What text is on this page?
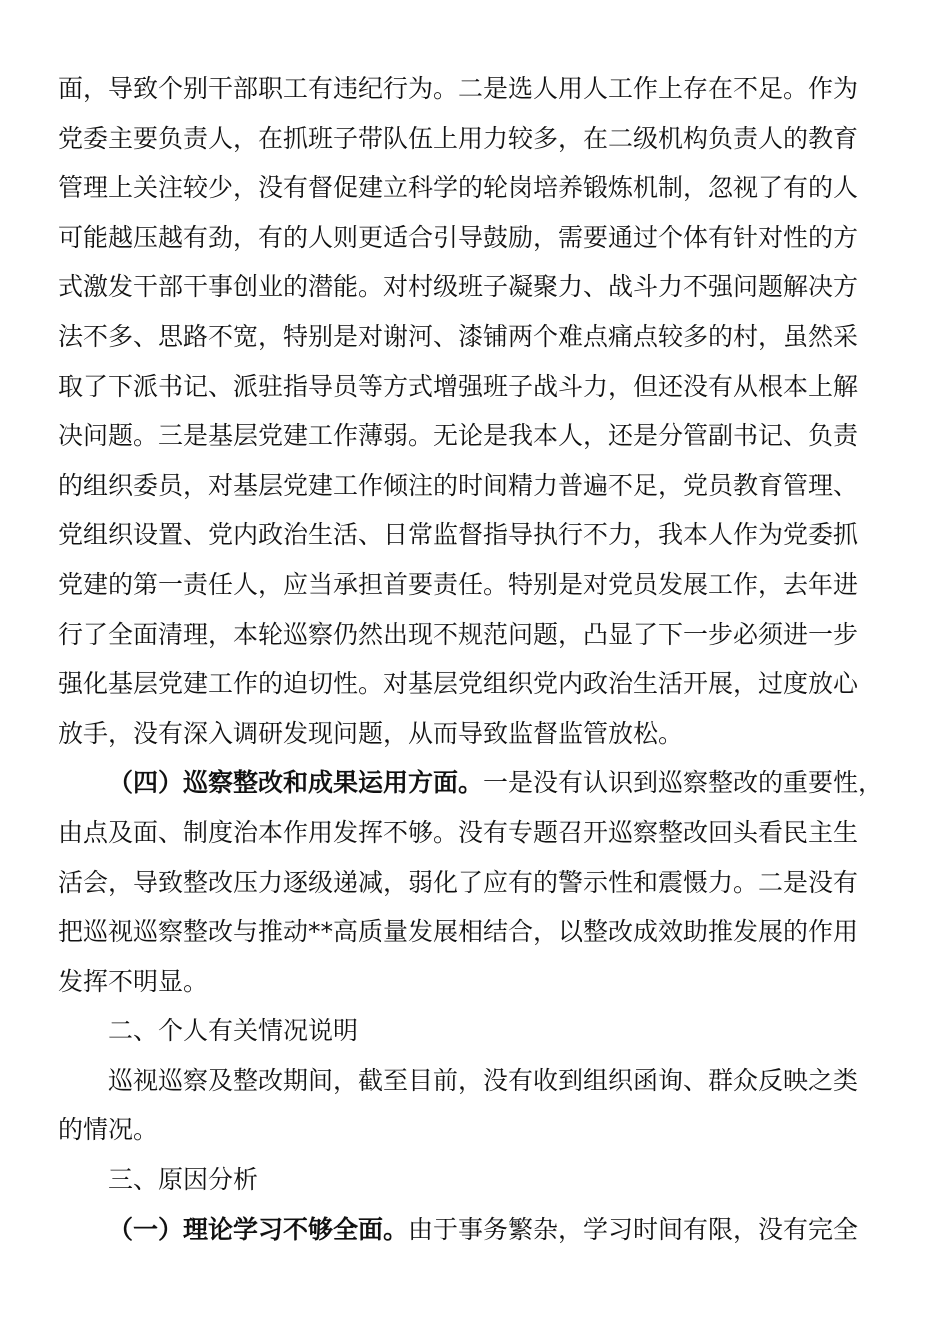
面，导致个别干部职工有违纪行为。二是选人用人工作上存在不足。作为
党委主要负责人，在抓班子带队伍上用力较多，在二级机构负责人的教育
管理上关注较少，没有督促建立科学的轮岗培养锻炼机制，忽视了有的人
可能越压越有劲，有的人则更适合引导鼓励，需要通过个体有针对性的方
式激发干部干事创业的潜能。对村级班子凝聚力、战斗力不强问题解决方
法不多、思路不宽，特别是对谢河、漆铺两个难点痛点较多的村，虽然采
取了下派书记、派驻指导员等方式增强班子战斗力，但还没有从根本上解
决问题。三是基层党建工作薄弱。无论是我本人，还是分管副书记、负责
的组织委员，对基层党建工作倾注的时间精力普遍不足，党员教育管理、
党组织设置、党内政治生活、日常监督指导执行不力，我本人作为党委抓
党建的第一责任人，应当承担首要责任。特别是对党员发展工作，去年进
行了全面清理，本轮巡察仍然出现不规范问题，凸显了下一步必须进一步
强化基层党建工作的迫切性。对基层党组织党内政治生活开展，过度放心
放手，没有深入调研发现问题，从而导致监督监管放松。
（四）巡察整改和成果运用方面。一是没有认识到巡察整改的重要性，
由点及面、制度治本作用发挥不够。没有专题召开巡察整改回头看民主生
活会，导致整改压力逐级递减，弱化了应有的警示性和震慑力。二是没有
把巡视巡察整改与推动**高质量发展相结合，以整改成效助推发展的作用
发挥不明显。
二、个人有关情况说明
巡视巡察及整改期间，截至目前，没有收到组织函询、群众反映之类
的情况。
三、原因分析
（一）理论学习不够全面。由于事务繁杂，学习时间有限，没有完全
